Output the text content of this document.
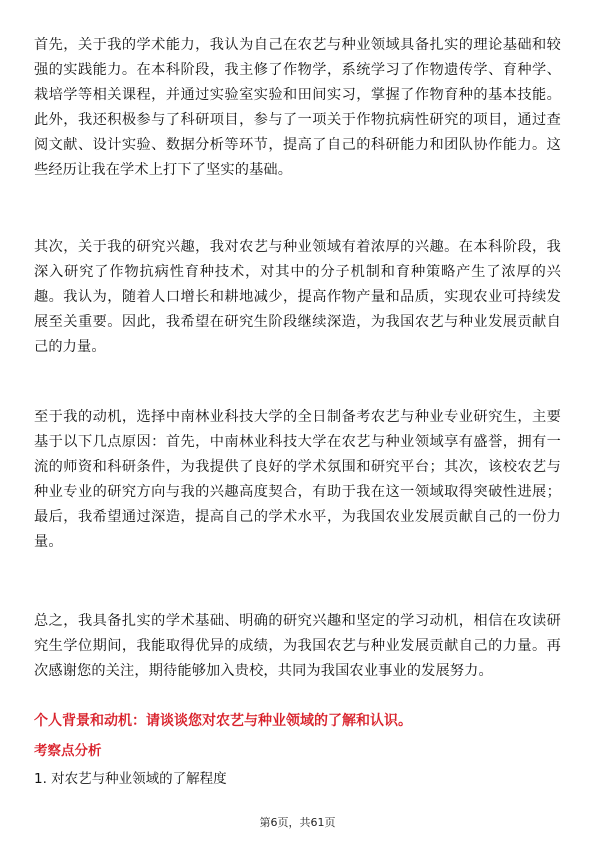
首先，关于我的学术能力，我认为自己在农艺与种业领域具备扎实的理论基础和较强的实践能力。在本科阶段，我主修了作物学，系统学习了作物遗传学、育种学、栽培学等相关课程，并通过实验室实验和田间实习，掌握了作物育种的基本技能。此外，我还积极参与了科研项目，参与了一项关于作物抗病性研究的项目，通过查阅文献、设计实验、数据分析等环节，提高了自己的科研能力和团队协作能力。这些经历让我在学术上打下了坚实的基础。

其次，关于我的研究兴趣，我对农艺与种业领域有着浓厚的兴趣。在本科阶段，我深入研究了作物抗病性育种技术，对其中的分子机制和育种策略产生了浓厚的兴趣。我认为，随着人口增长和耕地减少，提高作物产量和品质，实现农业可持续发展至关重要。因此，我希望在研究生阶段继续深造，为我国农艺与种业发展贡献自己的力量。

至于我的动机，选择中南林业科技大学的全日制备考农艺与种业专业研究生，主要基于以下几点原因：首先，中南林业科技大学在农艺与种业领域享有盛誉，拥有一流的师资和科研条件，为我提供了良好的学术氛围和研究平台；其次，该校农艺与种业专业的研究方向与我的兴趣高度契合，有助于我在这一领域取得突破性进展；最后，我希望通过深造，提高自己的学术水平，为我国农业发展贡献自己的一份力量。

总之，我具备扎实的学术基础、明确的研究兴趣和坚定的学习动机，相信在攻读研究生学位期间，我能取得优异的成绩，为我国农艺与种业发展贡献自己的力量。再次感谢您的关注，期待能够加入贵校，共同为我国农业事业的发展努力。

个人背景和动机：请谈谈您对农艺与种业领域的了解和认识。

考察点分析

1. 对农艺与种业领域的了解程度

第6页，共61页
